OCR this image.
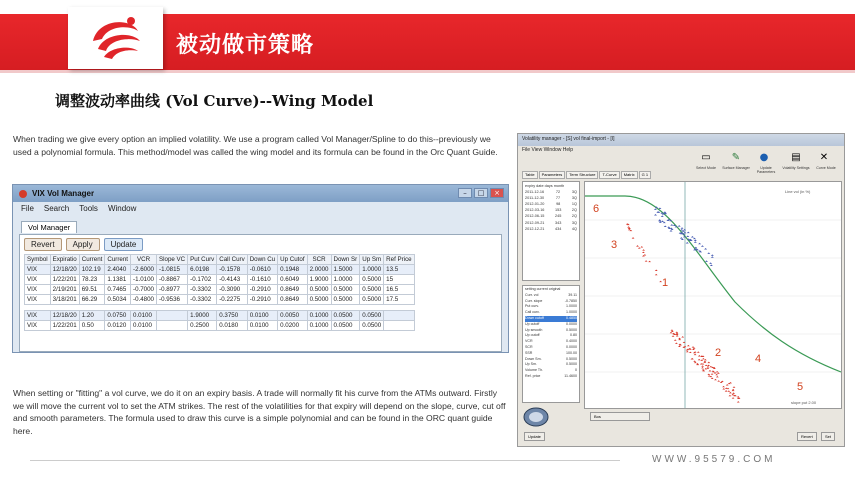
被动做市策略
调整波动率曲线 (Vol Curve)--Wing Model
When trading we give every option an implied volatility. We use a program called Vol Manager/Spline to do this--previously we used a polynomial formula. This method/model was called the wing model and its formula can be found in the Orc Quant Guide.
VIX Vol Manager	–	□	×
File Search Tools Window
Vol Manager
Revert	Apply	Update
Symbol	Expiratio	Current	Current	VCR	Slope VC	Put Curv	Call Curv	Down Cu	Up Cutof	SCR	Down Sr	Up Sm	Ref Price
VIX	12/18/20	102.19	2.4040	-2.6000	-1.0815	6.0198	-0.1578	-0.0610	0.1948	2.0000	1.5000	1.0000	13.5
VIX	1/22/201	78.23	1.1381	-1.0100	-0.8867	-0.1702	-0.4143	-0.1610	0.6049	1.9000	1.0000	0.5000	15
VIX	2/19/201	69.51	0.7465	-0.7000	-0.8977	-0.3302	-0.3090	-0.2910	0.8649	0.5000	0.5000	0.5000	16.5
VIX	3/18/201	66.29	0.5034	-0.4800	-0.9536	-0.3302	-0.2275	-0.2910	0.8649	0.5000	0.5000	0.5000	17.5

VIX	12/18/20	1.20	0.0750	0.0100		1.9000	0.3750	0.0100	0.0050	0.1000	0.0500	0.0500	
VIX	1/22/201	0.50	0.0120	0.0100		0.2500	0.0180	0.0100	0.0200	0.1000	0.0500	0.0500	
When setting or "fitting" a vol curve, we do it on an expiry basis. A trade will normally fit his curve from the ATMs outward. Firstly we will move the current vol to set the ATM strikes. The rest of the volatilities for that expiry will depend on the slope, curve, cut off and smooth parameters. The formula used to draw this curve is a simple polynomial and can be found in the ORC quant guide here.
Volatility manager - [S] vol final-import - [I]
File View Window Help
▭	✎	●	▤	✕
Select Mode	Surface Manager	Update Parameters
Volatility Settings	Curve Mode
Table	Parameters	Term Structure	T-Curve	Matrix	G 1
expiry date days month
2011-12-16	72	3Q
2011-12-30	77	3Q
2012-01-20	98	1Q
2012-03-16	153	2Q
2012-06-15	245	2Q
2012-09-21	343	3Q
2012-12-21	434	4Q
setting current original
Curr. vol	39.11
Curr. slope	-0.7850
Put curv.	1.0000
Call curv.	1.0000
Down cutoff	0.4850
Up cutoff	0.0000
Up smooth	0.5000
Up outoff	0.80
VCR	0.4000
SCR	0.0000
SSR	100.00
Down Sm.	0.5000
Up Sm.	0.5000
Volume Th.	0
Ref. price	11.4600
6
3
1
2	4
5
Line vol (in %)
slope put 2.00
Update	Revert	Set
Bos
WWW.95579.COM
